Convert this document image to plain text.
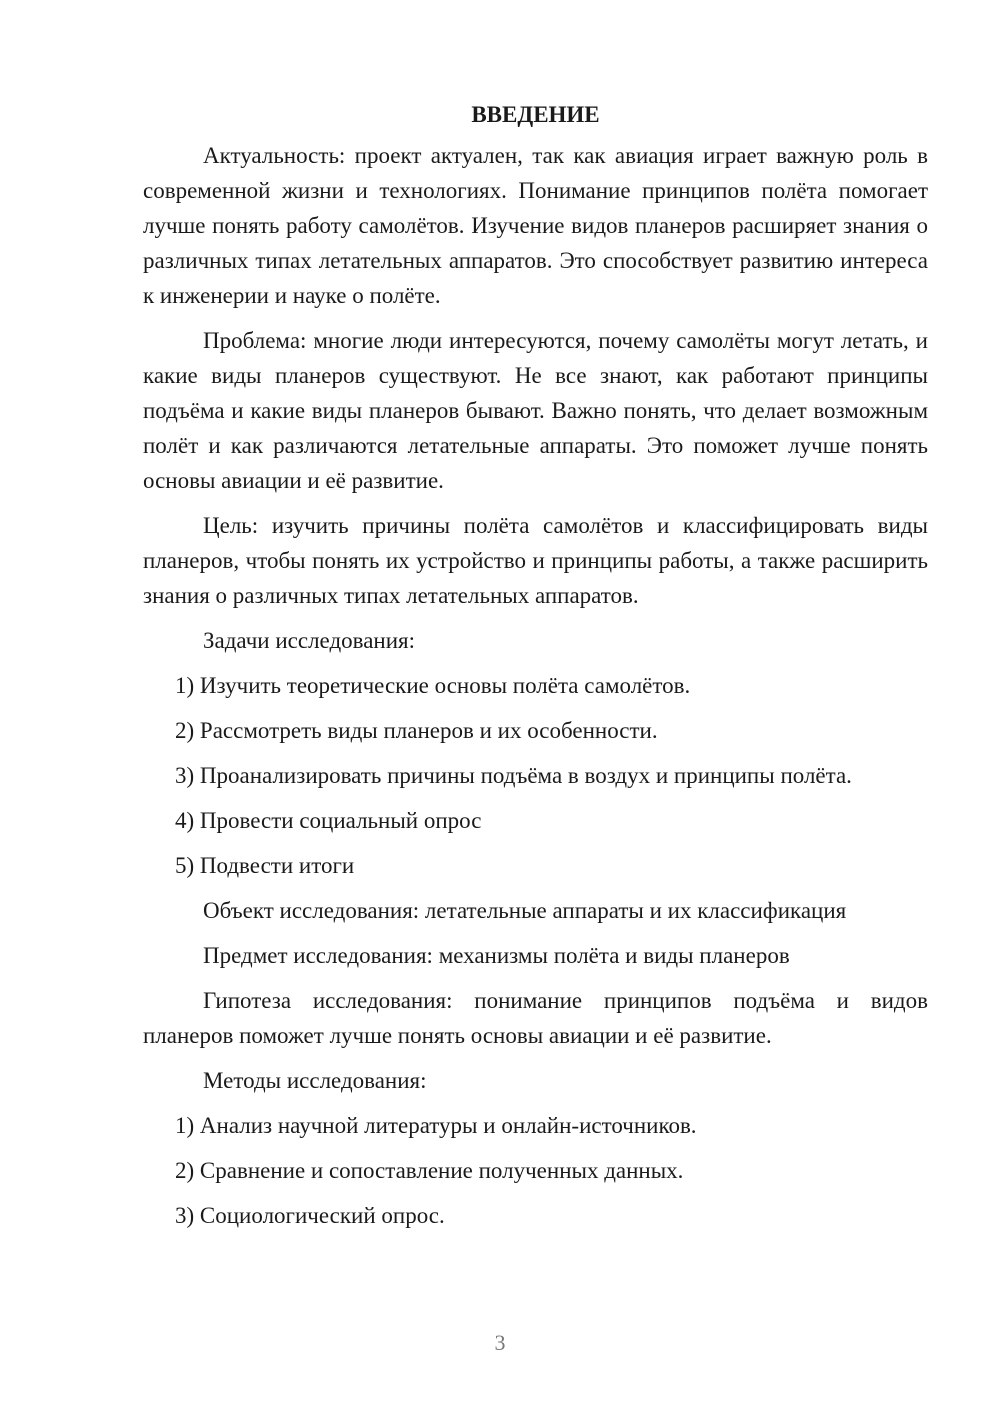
ВВЕДЕНИЕ

Актуальность: проект актуален, так как авиация играет важную роль в современной жизни и технологиях. Понимание принципов полёта помогает лучше понять работу самолётов. Изучение видов планеров расширяет знания о различных типах летательных аппаратов. Это способствует развитию интереса к инженерии и науке о полёте.

Проблема: многие люди интересуются, почему самолёты могут летать, и какие виды планеров существуют. Не все знают, как работают принципы подъёма и какие виды планеров бывают. Важно понять, что делает возможным полёт и как различаются летательные аппараты. Это поможет лучше понять основы авиации и её развитие.

Цель: изучить причины полёта самолётов и классифицировать виды планеров, чтобы понять их устройство и принципы работы, а также расширить знания о различных типах летательных аппаратов.

Задачи исследования:
1) Изучить теоретические основы полёта самолётов.
2) Рассмотреть виды планеров и их особенности.
3) Проанализировать причины подъёма в воздух и принципы полёта.
4) Провести социальный опрос
5) Подвести итоги
Объект исследования: летательные аппараты и их классификация
Предмет исследования: механизмы полёта и виды планеров

Гипотеза исследования: понимание принципов подъёма и видов планеров поможет лучше понять основы авиации и её развитие.

Методы исследования:
1) Анализ научной литературы и онлайн-источников.
2) Сравнение и сопоставление полученных данных.
3) Социологический опрос.
3
